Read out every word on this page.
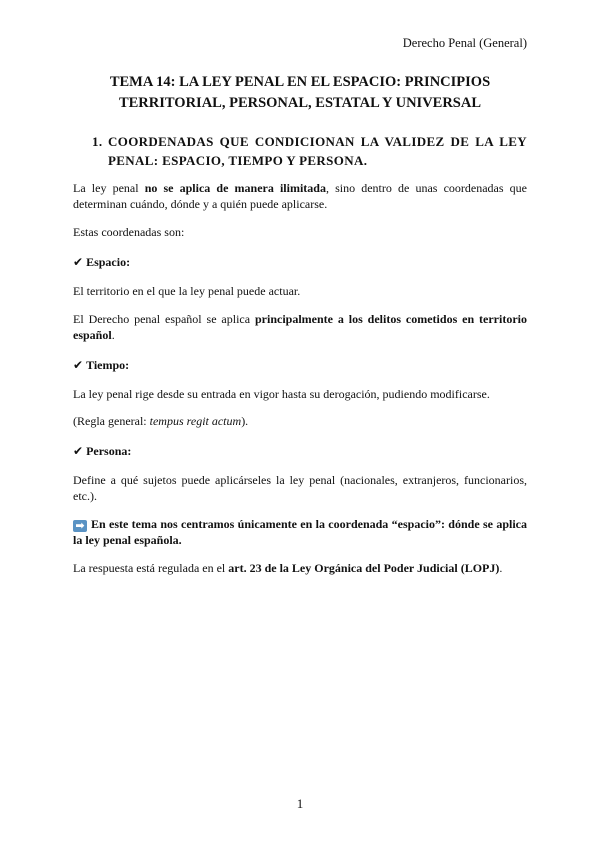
Derecho Penal (General)
TEMA 14: LA LEY PENAL EN EL ESPACIO: PRINCIPIOS
TERRITORIAL, PERSONAL, ESTATAL Y UNIVERSAL
1. COORDENADAS QUE CONDICIONAN LA VALIDEZ DE LA LEY PENAL: ESPACIO, TIEMPO Y PERSONA.

La ley penal no se aplica de manera ilimitada, sino dentro de unas coordenadas que determinan cuándo, dónde y a quién puede aplicarse.

Estas coordenadas son:

✔ Espacio:

El territorio en el que la ley penal puede actuar.

El Derecho penal español se aplica principalmente a los delitos cometidos en territorio español.

✔ Tiempo:

La ley penal rige desde su entrada en vigor hasta su derogación, pudiendo modificarse.

(Regla general: tempus regit actum).

✔ Persona:

Define a qué sujetos puede aplicárseles la ley penal (nacionales, extranjeros, funcionarios, etc.).

➡ En este tema nos centramos únicamente en la coordenada “espacio”: dónde se aplica la ley penal española.

La respuesta está regulada en el art. 23 de la Ley Orgánica del Poder Judicial (LOPJ).

1
